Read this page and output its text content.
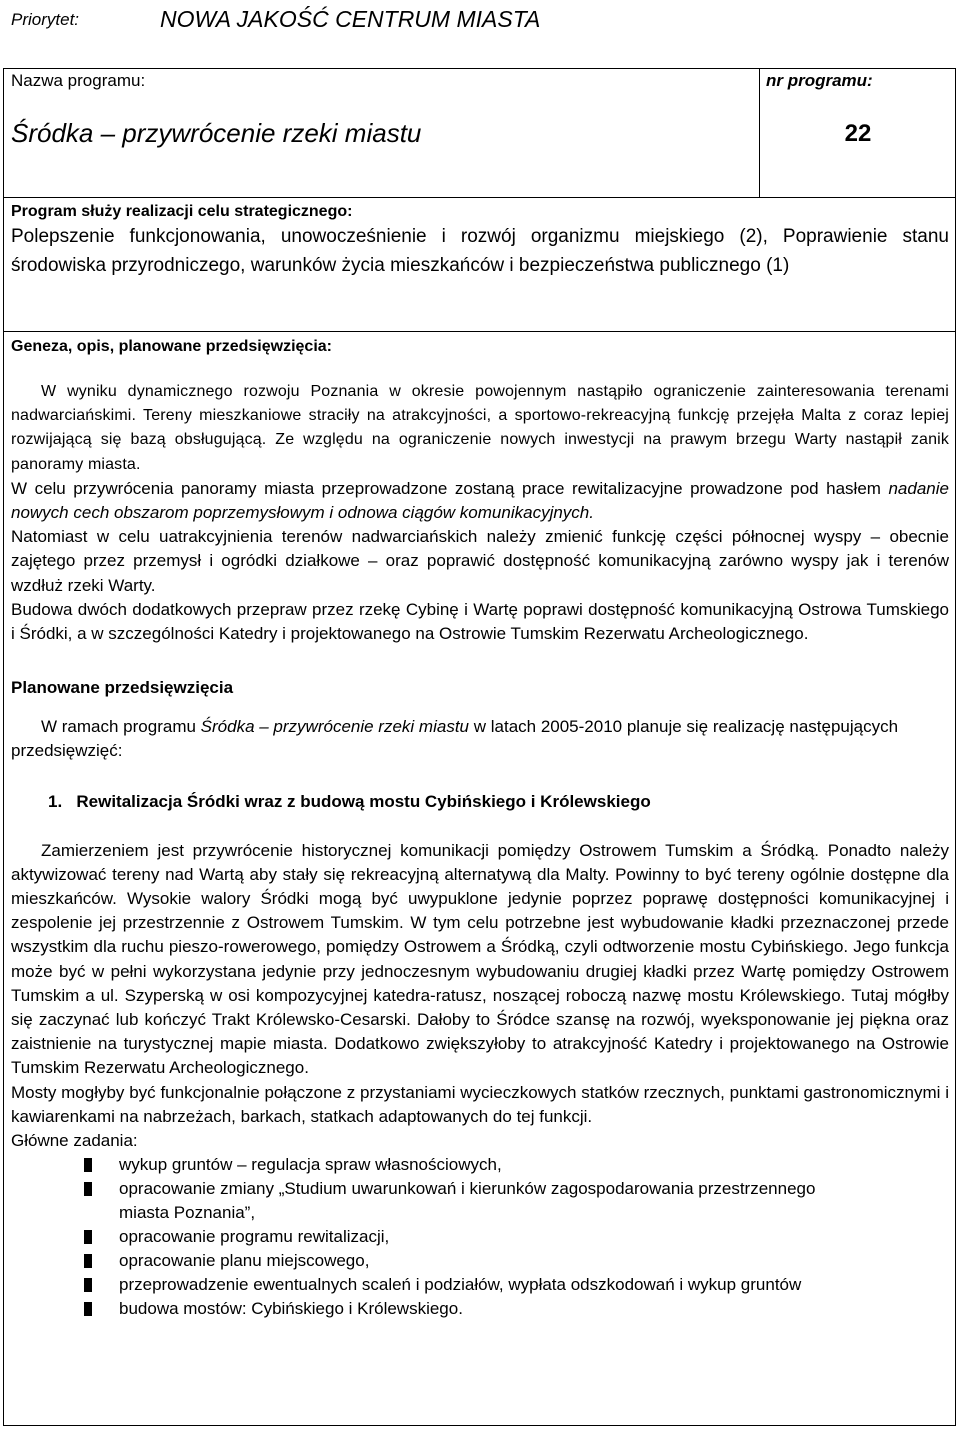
Priorytet:	NOWA JAKOŚĆ CENTRUM MIASTA
Nazwa programu:
Śródka – przywrócenie rzeki miastu
nr programu:
22
Program służy realizacji celu strategicznego:
Polepszenie funkcjonowania, unowocześnienie i rozwój organizmu miejskiego (2), Poprawienie stanu środowiska przyrodniczego, warunków życia mieszkańców i bezpieczeństwa publicznego (1)
Geneza, opis, planowane przedsięwzięcia:

W wyniku dynamicznego rozwoju Poznania w okresie powojennym nastąpiło ograniczenie zainteresowania terenami nadwarciańskimi. Tereny mieszkaniowe straciły na atrakcyjności, a sportowo-rekreacyjną funkcję przejęła Malta z coraz lepiej rozwijającą się bazą obsługującą. Ze względu na ograniczenie nowych inwestycji na prawym brzegu Warty nastąpił zanik panoramy miasta.

W celu przywrócenia panoramy miasta przeprowadzone zostaną prace rewitalizacyjne prowadzone pod hasłem nadanie nowych cech obszarom poprzemysłowym i odnowa ciągów komunikacyjnych.

Natomiast w celu uatrakcyjnienia terenów nadwarciańskich należy zmienić funkcję części północnej wyspy – obecnie zajętego przez przemysł i ogródki działkowe – oraz poprawić dostępność komunikacyjną zarówno wyspy jak i terenów wzdłuż rzeki Warty.

Budowa dwóch dodatkowych przepraw przez rzekę Cybinę i Wartę poprawi dostępność komunikacyjną Ostrowa Tumskiego i Śródki, a w szczególności Katedry i projektowanego na Ostrowie Tumskim Rezerwatu Archeologicznego.

Planowane przedsięwzięcia

W ramach programu Śródka – przywrócenie rzeki miastu w latach 2005-2010 planuje się realizację następujących przedsięwzięć:

1. Rewitalizacja Śródki wraz z budową mostu Cybińskiego i Królewskiego

Zamierzeniem jest przywrócenie historycznej komunikacji pomiędzy Ostrowem Tumskim a Śródką. Ponadto należy aktywizować tereny nad Wartą aby stały się rekreacyjną alternatywą dla Malty. Powinny to być tereny ogólnie dostępne dla mieszkańców. Wysokie walory Śródki mogą być uwypuklone jedynie poprzez poprawę dostępności komunikacyjnej i zespolenie jej przestrzennie z Ostrowem Tumskim. W tym celu potrzebne jest wybudowanie kładki przeznaczonej przede wszystkim dla ruchu pieszo-rowerowego, pomiędzy Ostrowem a Śródką, czyli odtworzenie mostu Cybińskiego. Jego funkcja może być w pełni wykorzystana jedynie przy jednoczesnym wybudowaniu drugiej kładki przez Wartę pomiędzy Ostrowem Tumskim a ul. Szyperską w osi kompozycyjnej katedra-ratusz, noszącej roboczą nazwę mostu Królewskiego. Tutaj mógłby się zaczynać lub kończyć Trakt Królewsko-Cesarski. Dałoby to Śródce szansę na rozwój, wyeksponowanie jej piękna oraz zaistnienie na turystycznej mapie miasta. Dodatkowo zwiększyłoby to atrakcyjność Katedry i projektowanego na Ostrowie Tumskim Rezerwatu Archeologicznego.

Mosty mogłyby być funkcjonalnie połączone z przystaniami wycieczkowych statków rzecznych, punktami gastronomicznymi i kawiarenkami na nabrzeżach, barkach, statkach adaptowanych do tej funkcji.

Główne zadania:

wykup gruntów – regulacja spraw własnościowych,
opracowanie zmiany „Studium uwarunkowań i kierunków zagospodarowania przestrzennego miasta Poznania”,
opracowanie programu rewitalizacji,
opracowanie planu miejscowego,
przeprowadzenie ewentualnych scaleń i podziałów, wypłata odszkodowań i wykup gruntów
budowa mostów: Cybińskiego i Królewskiego.
